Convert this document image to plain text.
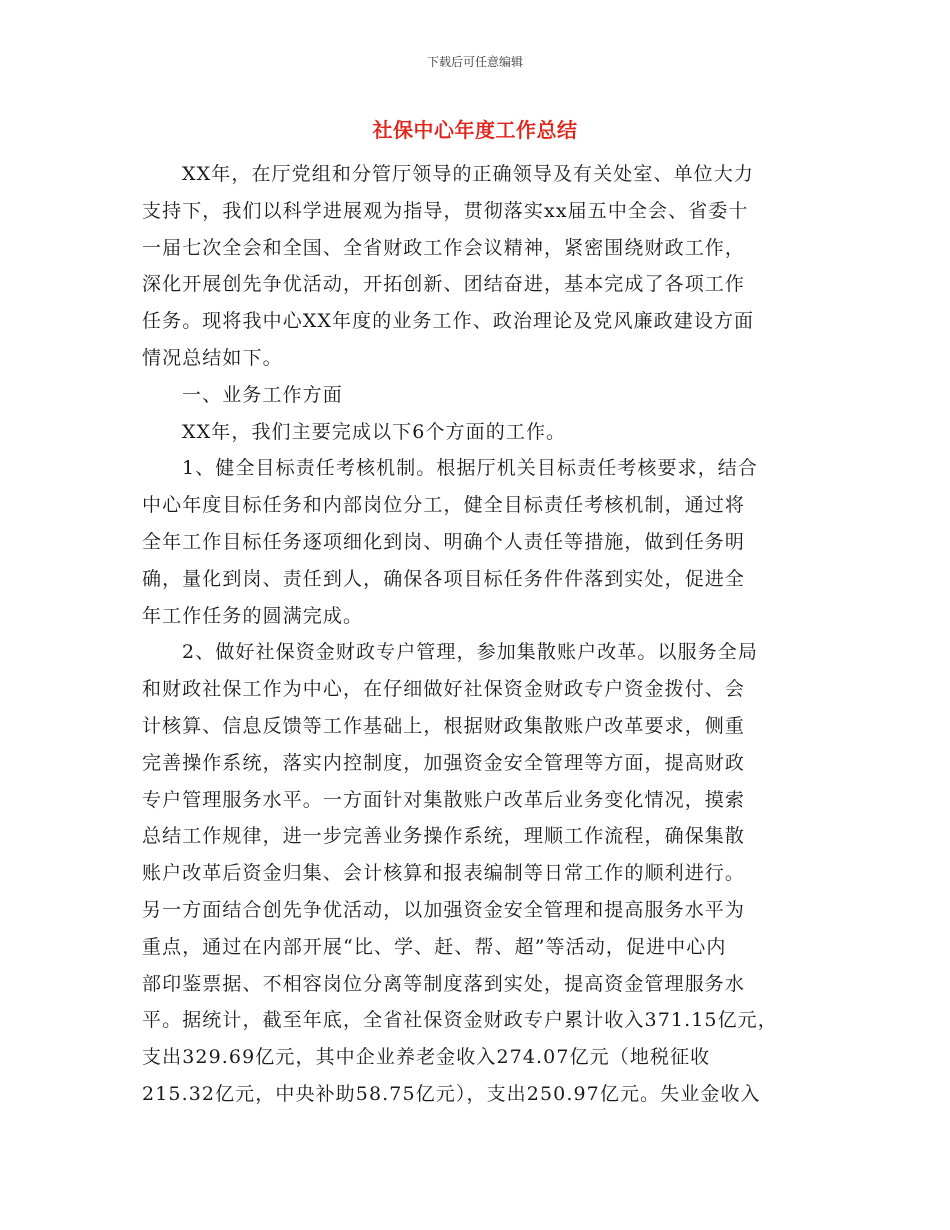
下载后可任意编辑
社保中心年度工作总结
XX年，在厅党组和分管厅领导的正确领导及有关处室、单位大力
支持下，我们以科学进展观为指导，贯彻落实xx届五中全会、省委十
一届七次全会和全国、全省财政工作会议精神，紧密围绕财政工作，
深化开展创先争优活动，开拓创新、团结奋进，基本完成了各项工作
任务。现将我中心XX年度的业务工作、政治理论及党风廉政建设方面
情况总结如下。
一、业务工作方面
XX年，我们主要完成以下6个方面的工作。
1、健全目标责任考核机制。根据厅机关目标责任考核要求，结合
中心年度目标任务和内部岗位分工，健全目标责任考核机制，通过将
全年工作目标任务逐项细化到岗、明确个人责任等措施，做到任务明
确，量化到岗、责任到人，确保各项目标任务件件落到实处，促进全
年工作任务的圆满完成。
2、做好社保资金财政专户管理，参加集散账户改革。以服务全局
和财政社保工作为中心，在仔细做好社保资金财政专户资金拨付、会
计核算、信息反馈等工作基础上，根据财政集散账户改革要求，侧重
完善操作系统，落实内控制度，加强资金安全管理等方面，提高财政
专户管理服务水平。一方面针对集散账户改革后业务变化情况，摸索
总结工作规律，进一步完善业务操作系统，理顺工作流程，确保集散
账户改革后资金归集、会计核算和报表编制等日常工作的顺利进行。
另一方面结合创先争优活动，以加强资金安全管理和提高服务水平为
重点，通过在内部开展“比、学、赶、帮、超”等活动，促进中心内
部印鉴票据、不相容岗位分离等制度落到实处，提高资金管理服务水
平。据统计，截至年底，全省社保资金财政专户累计收入371.15亿元，
支出329.69亿元，其中企业养老金收入274.07亿元（地税征收
215.32亿元，中央补助58.75亿元），支出250.97亿元。失业金收入
